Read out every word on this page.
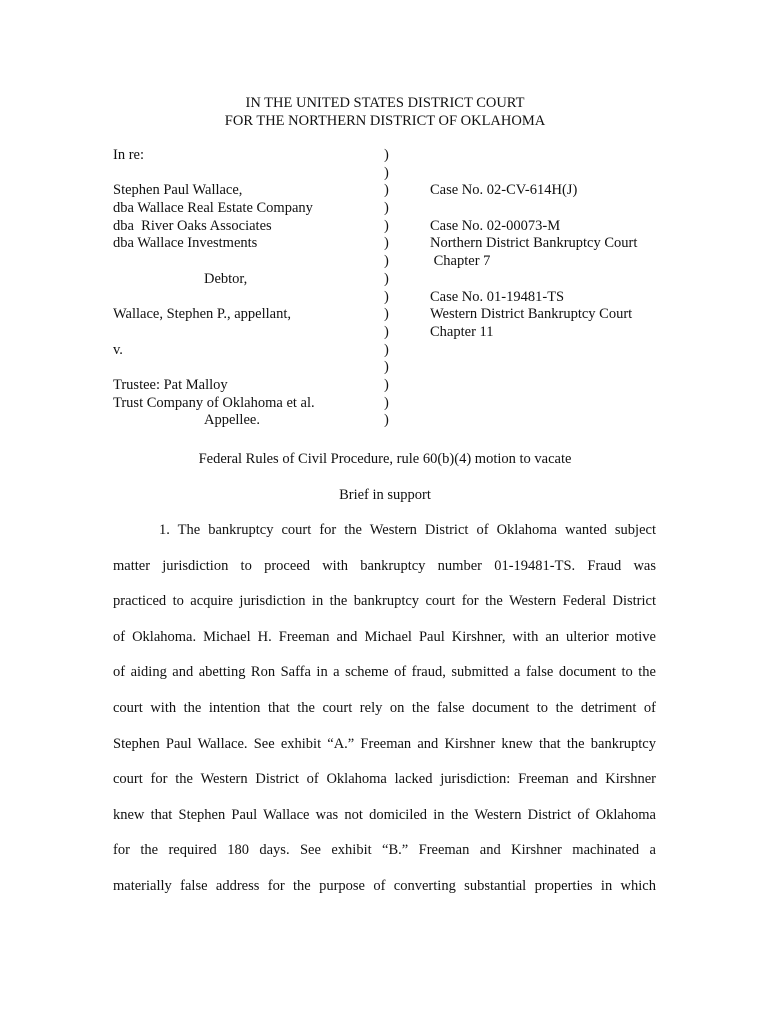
IN THE UNITED STATES DISTRICT COURT
FOR THE NORTHERN DISTRICT OF OKLAHOMA
In re:
Stephen Paul Wallace,
dba Wallace Real Estate Company
dba  River Oaks Associates
dba Wallace Investments
Debtor,
Wallace, Stephen P., appellant,
v.
Trustee: Pat Malloy
Trust Company of Oklahoma et al.
Appellee.
)
)
)
)
)
)
)
)
)
)
)
)
)
)
)
)
Case No. 02-CV-614H(J)
Case No. 02-00073-M
Northern District Bankruptcy Court
Chapter 7
Case No. 01-19481-TS
Western District Bankruptcy Court
Chapter 11
Federal Rules of Civil Procedure, rule 60(b)(4) motion to vacate
Brief in support
1. The bankruptcy court for the Western District of Oklahoma wanted subject
matter jurisdiction to proceed with bankruptcy number 01-19481-TS. Fraud was
practiced to acquire jurisdiction in the bankruptcy court for the Western Federal District
of Oklahoma. Michael H. Freeman and Michael Paul Kirshner, with an ulterior motive
of aiding and abetting Ron Saffa in a scheme of fraud, submitted a false document to the
court with the intention that the court rely on the false document to the detriment of
Stephen Paul Wallace. See exhibit “A.” Freeman and Kirshner knew that the bankruptcy
court for the Western District of Oklahoma lacked jurisdiction: Freeman and Kirshner
knew that Stephen Paul Wallace was not domiciled in the Western District of Oklahoma
for the required 180 days. See exhibit “B.” Freeman and Kirshner machinated a
materially false address for the purpose of converting substantial properties in which
